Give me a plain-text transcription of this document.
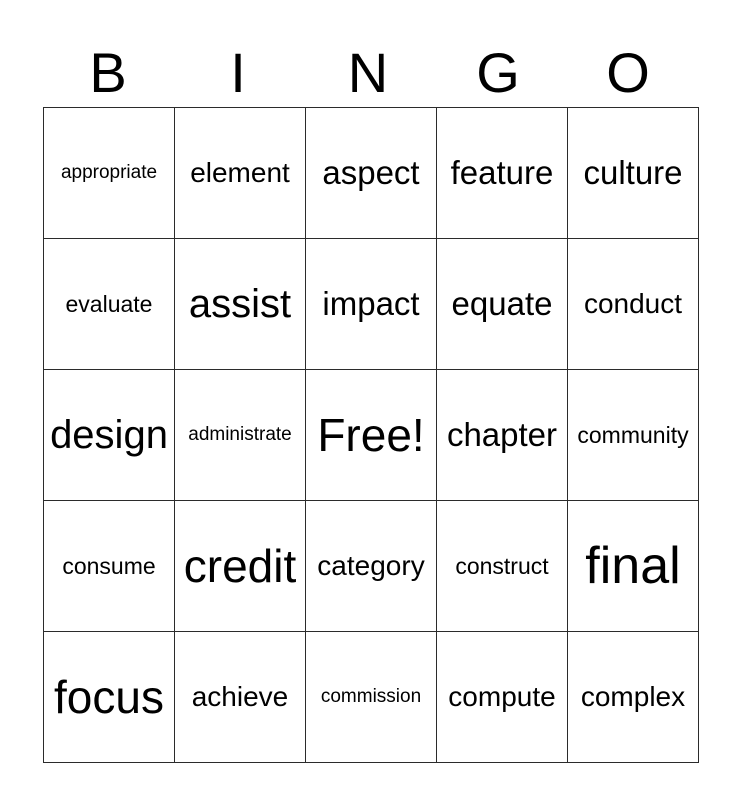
B	I	N	G	O
appropriate	element	aspect	feature	culture
evaluate	assist	impact	equate	conduct
design	administrate	Free!	chapter	community
consume	credit	category	construct	final
focus	achieve	commission	compute	complex
